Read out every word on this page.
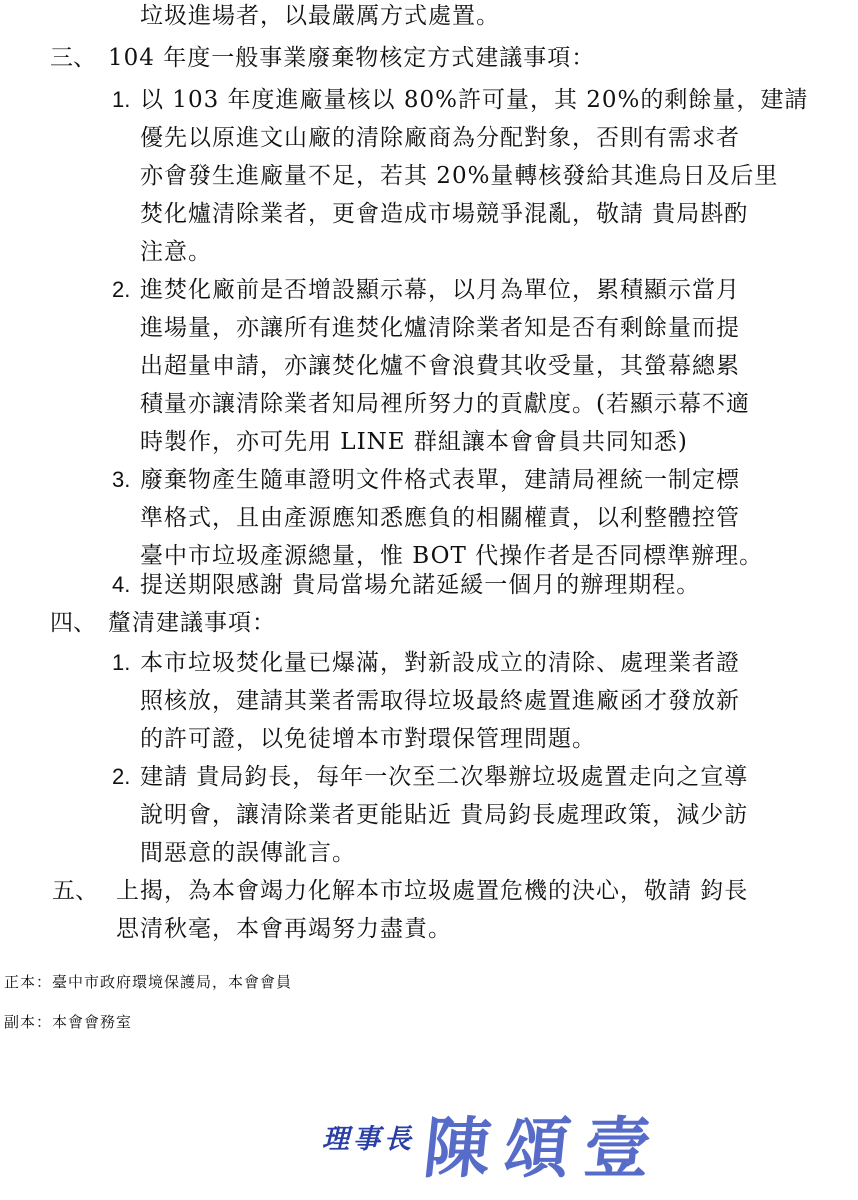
垃圾進場者，以最嚴厲方式處置。
三、 104 年度一般事業廢棄物核定方式建議事項：
1. 以 103 年度進廠量核以 80%許可量，其 20%的剩餘量，建請
優先以原進文山廠的清除廠商為分配對象，否則有需求者
亦會發生進廠量不足，若其 20%量轉核發給其進烏日及后里
焚化爐清除業者，更會造成市場競爭混亂，敬請 貴局斟酌
注意。
2. 進焚化廠前是否增設顯示幕，以月為單位，累積顯示當月
進場量，亦讓所有進焚化爐清除業者知是否有剩餘量而提
出超量申請，亦讓焚化爐不會浪費其收受量，其螢幕總累
積量亦讓清除業者知局裡所努力的貢獻度。(若顯示幕不適
時製作，亦可先用 LINE 群組讓本會會員共同知悉)
3. 廢棄物產生隨車證明文件格式表單，建請局裡統一制定標
準格式，且由產源應知悉應負的相關權責，以利整體控管
臺中市垃圾產源總量，惟 BOT 代操作者是否同標準辦理。
4. 提送期限感謝 貴局當場允諾延緩一個月的辦理期程。
四、 釐清建議事項：
1. 本市垃圾焚化量已爆滿，對新設成立的清除、處理業者證
照核放，建請其業者需取得垃圾最終處置進廠函才發放新
的許可證，以免徒增本市對環保管理問題。
2. 建請 貴局鈞長，每年一次至二次舉辦垃圾處置走向之宣導
說明會，讓清除業者更能貼近 貴局鈞長處理政策，減少訪
間惡意的誤傳訛言。
五、 上揭，為本會竭力化解本市垃圾處置危機的決心，敬請 鈞長
思清秋毫，本會再竭努力盡責。
正本：臺中市政府環境保護局，本會會員
副本：本會會務室
理事長 陳頌壹
